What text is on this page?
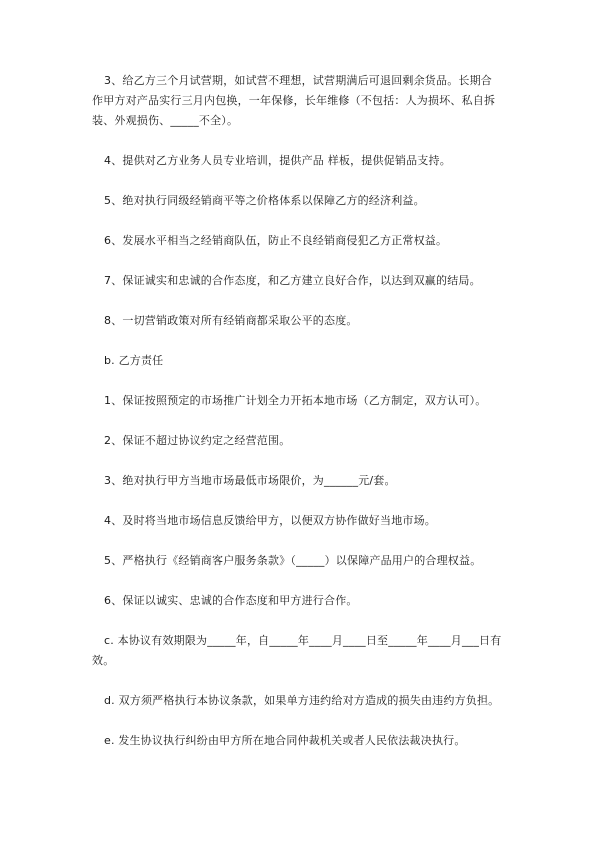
3、给乙方三个月试营期，如试营不理想，试营期满后可退回剩余货品。长期合作甲方对产品实行三月内包换，一年保修，长年维修（不包括：人为损坏、私自拆装、外观损伤、_____不全）。

4、提供对乙方业务人员专业培训，提供产品 样板，提供促销品支持。

5、绝对执行同级经销商平等之价格体系以保障乙方的经济利益。

6、发展水平相当之经销商队伍，防止不良经销商侵犯乙方正常权益。

7、保证诚实和忠诚的合作态度，和乙方建立良好合作，以达到双赢的结局。

8、一切营销政策对所有经销商都采取公平的态度。

b. 乙方责任

1、保证按照预定的市场推广计划全力开拓本地市场（乙方制定，双方认可）。

2、保证不超过协议约定之经营范围。

3、绝对执行甲方当地市场最低市场限价，为______元/套。

4、及时将当地市场信息反馈给甲方，以便双方协作做好当地市场。

5、严格执行《经销商客户服务条款》（_____）以保障产品用户的合理权益。

6、保证以诚实、忠诚的合作态度和甲方进行合作。

c. 本协议有效期限为_____年，自_____年____月____日至_____年____月___日有效。

d. 双方须严格执行本协议条款，如果单方违约给对方造成的损失由违约方负担。

e. 发生协议执行纠纷由甲方所在地合同仲裁机关或者人民依法裁决执行。
